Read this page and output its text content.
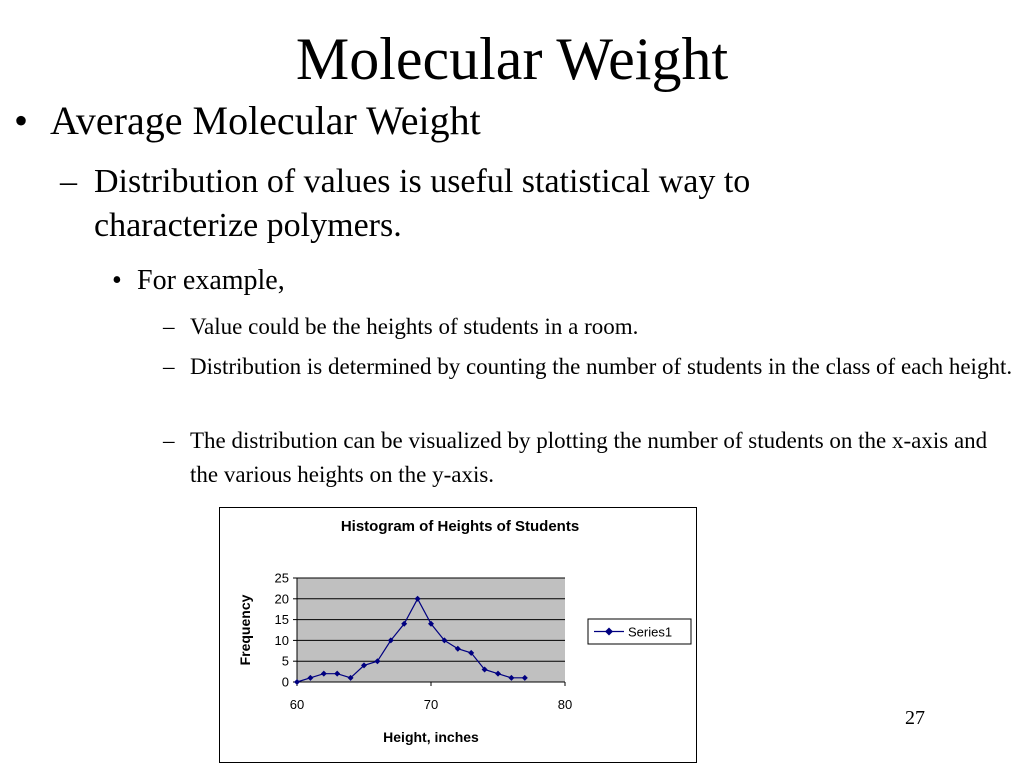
Molecular Weight
• Average Molecular Weight
– Distribution of values is useful statistical way to characterize polymers.
• For example,
– Value could be the heights of students in a room.
– Distribution is determined by counting the number of students in the class of each height.
– The distribution can be visualized by plotting the number of students on the x-axis and the various heights on the y-axis.
Histogram of Heights of Students
0
5
10
15
20
25
60	70	80
Height, inches
Frequency	Series1
27
